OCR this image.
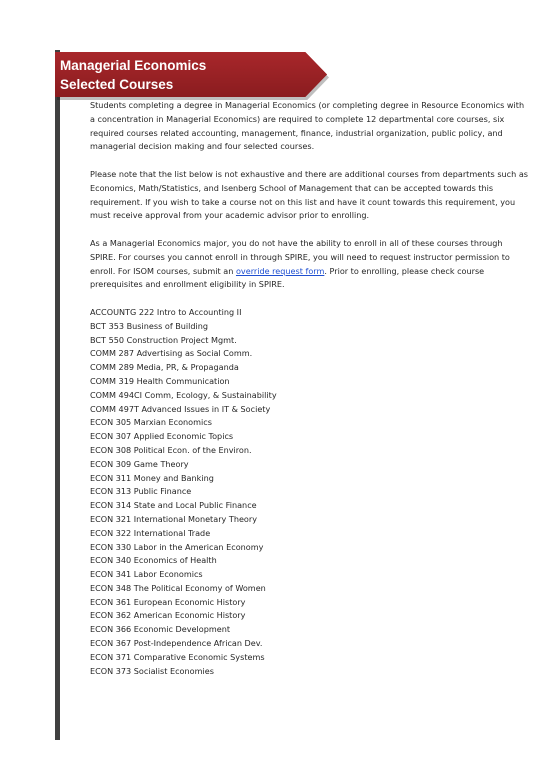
Managerial Economics
Selected Courses

Students completing a degree in Managerial Economics (or completing degree in Resource Economics with a concentration in Managerial Economics) are required to complete 12 departmental core courses, six required courses related accounting, management, finance, industrial organization, public policy, and managerial decision making and four selected courses.

Please note that the list below is not exhaustive and there are additional courses from departments such as Economics, Math/Statistics, and Isenberg School of Management that can be accepted towards this requirement. If you wish to take a course not on this list and have it count towards this requirement, you must receive approval from your academic advisor prior to enrolling.

As a Managerial Economics major, you do not have the ability to enroll in all of these courses through SPIRE. For courses you cannot enroll in through SPIRE, you will need to request instructor permission to enroll. For ISOM courses, submit an override request form. Prior to enrolling, please check course prerequisites and enrollment eligibility in SPIRE.

ACCOUNTG 222 Intro to Accounting II
BCT 353 Business of Building
BCT 550 Construction Project Mgmt.
COMM 287 Advertising as Social Comm.
COMM 289 Media, PR, & Propaganda
COMM 319 Health Communication
COMM 494CI Comm, Ecology, & Sustainability
COMM 497T Advanced Issues in IT & Society
ECON 305 Marxian Economics
ECON 307 Applied Economic Topics
ECON 308 Political Econ. of the Environ.
ECON 309 Game Theory
ECON 311 Money and Banking
ECON 313 Public Finance
ECON 314 State and Local Public Finance
ECON 321 International Monetary Theory
ECON 322 International Trade
ECON 330 Labor in the American Economy
ECON 340 Economics of Health
ECON 341 Labor Economics
ECON 348 The Political Economy of Women
ECON 361 European Economic History
ECON 362 American Economic History
ECON 366 Economic Development
ECON 367 Post-Independence African Dev.
ECON 371 Comparative Economic Systems
ECON 373 Socialist Economies
